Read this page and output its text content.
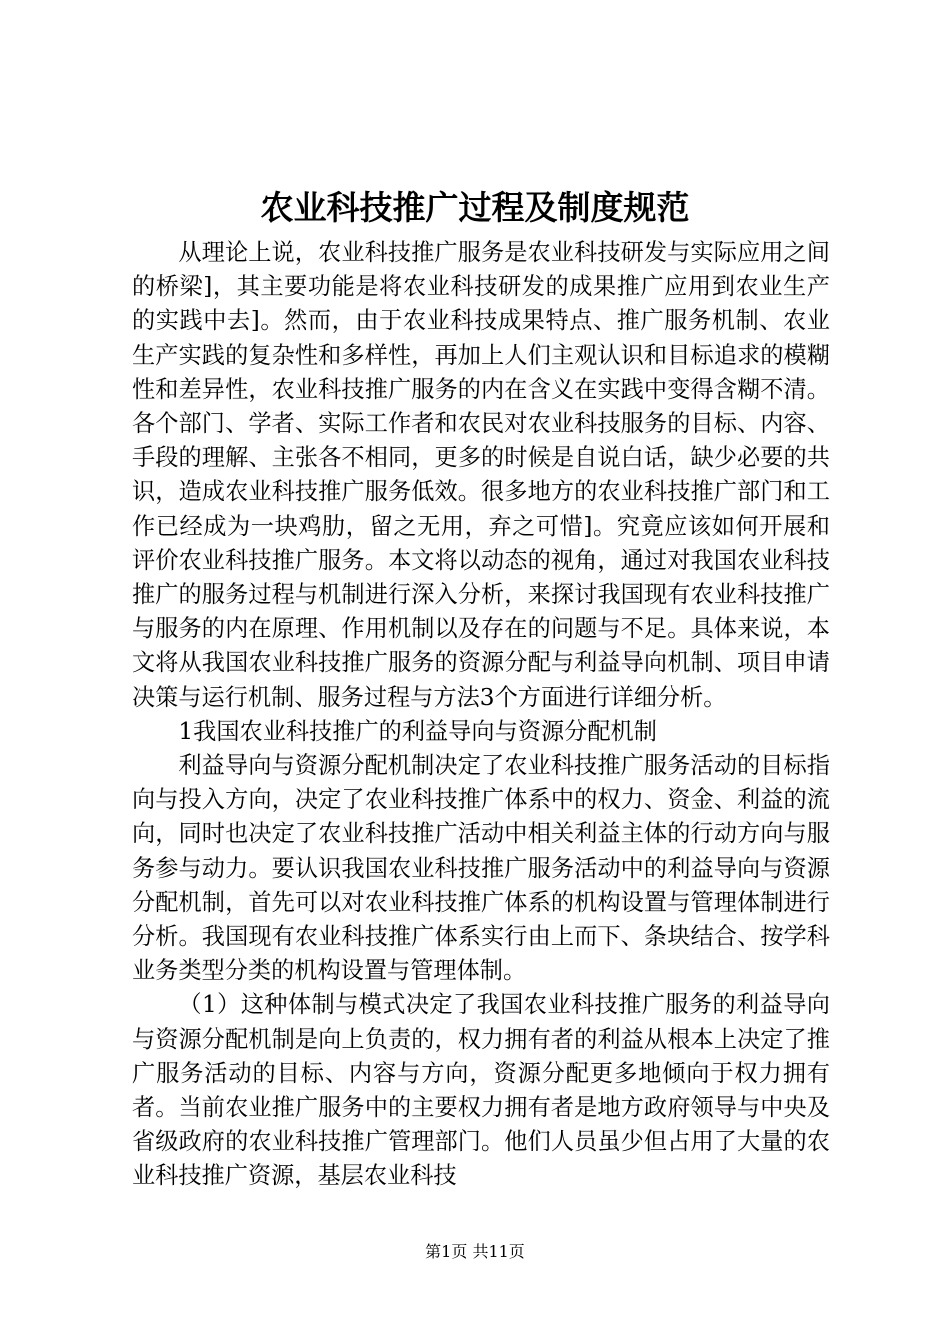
农业科技推广过程及制度规范

从理论上说，农业科技推广服务是农业科技研发与实际应用之间的桥梁]，其主要功能是将农业科技研发的成果推广应用到农业生产的实践中去]。然而，由于农业科技成果特点、推广服务机制、农业生产实践的复杂性和多样性，再加上人们主观认识和目标追求的模糊性和差异性，农业科技推广服务的内在含义在实践中变得含糊不清。各个部门、学者、实际工作者和农民对农业科技服务的目标、内容、手段的理解、主张各不相同，更多的时候是自说白话，缺少必要的共识，造成农业科技推广服务低效。很多地方的农业科技推广部门和工作已经成为一块鸡肋，留之无用，弃之可惜]。究竟应该如何开展和评价农业科技推广服务。本文将以动态的视角，通过对我国农业科技推广的服务过程与机制进行深入分析，来探讨我国现有农业科技推广与服务的内在原理、作用机制以及存在的问题与不足。具体来说，本文将从我国农业科技推广服务的资源分配与利益导向机制、项目申请决策与运行机制、服务过程与方法3个方面进行详细分析。

1我国农业科技推广的利益导向与资源分配机制

利益导向与资源分配机制决定了农业科技推广服务活动的目标指向与投入方向，决定了农业科技推广体系中的权力、资金、利益的流向，同时也决定了农业科技推广活动中相关利益主体的行动方向与服务参与动力。要认识我国农业科技推广服务活动中的利益导向与资源分配机制，首先可以对农业科技推广体系的机构设置与管理体制进行分析。我国现有农业科技推广体系实行由上而下、条块结合、按学科业务类型分类的机构设置与管理体制。

（1）这种体制与模式决定了我国农业科技推广服务的利益导向与资源分配机制是向上负责的，权力拥有者的利益从根本上决定了推广服务活动的目标、内容与方向，资源分配更多地倾向于权力拥有者。当前农业推广服务中的主要权力拥有者是地方政府领导与中央及省级政府的农业科技推广管理部门。他们人员虽少但占用了大量的农业科技推广资源，基层农业科技

第1页 共11页
